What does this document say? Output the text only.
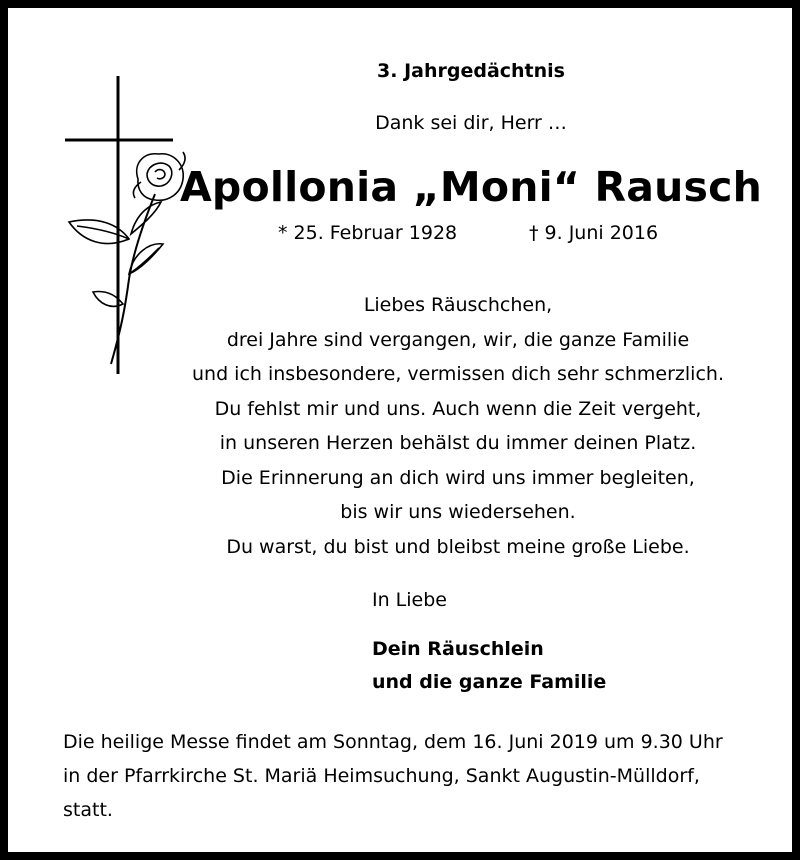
3. Jahrgedächtnis
Dank sei dir, Herr …
Apollonia „Moni“ Rausch
* 25. Februar 1928	† 9. Juni 2016
Liebes Räuschchen,
drei Jahre sind vergangen, wir, die ganze Familie
und ich insbesondere, vermissen dich sehr schmerzlich.
Du fehlst mir und uns. Auch wenn die Zeit vergeht,
in unseren Herzen behälst du immer deinen Platz.
Die Erinnerung an dich wird uns immer begleiten,
bis wir uns wiedersehen.
Du warst, du bist und bleibst meine große Liebe.
In Liebe
Dein Räuschlein
und die ganze Familie
Die heilige Messe findet am Sonntag, dem 16. Juni 2019 um 9.30 Uhr
in der Pfarrkirche St. Mariä Heimsuchung, Sankt Augustin-Mülldorf,
statt.
